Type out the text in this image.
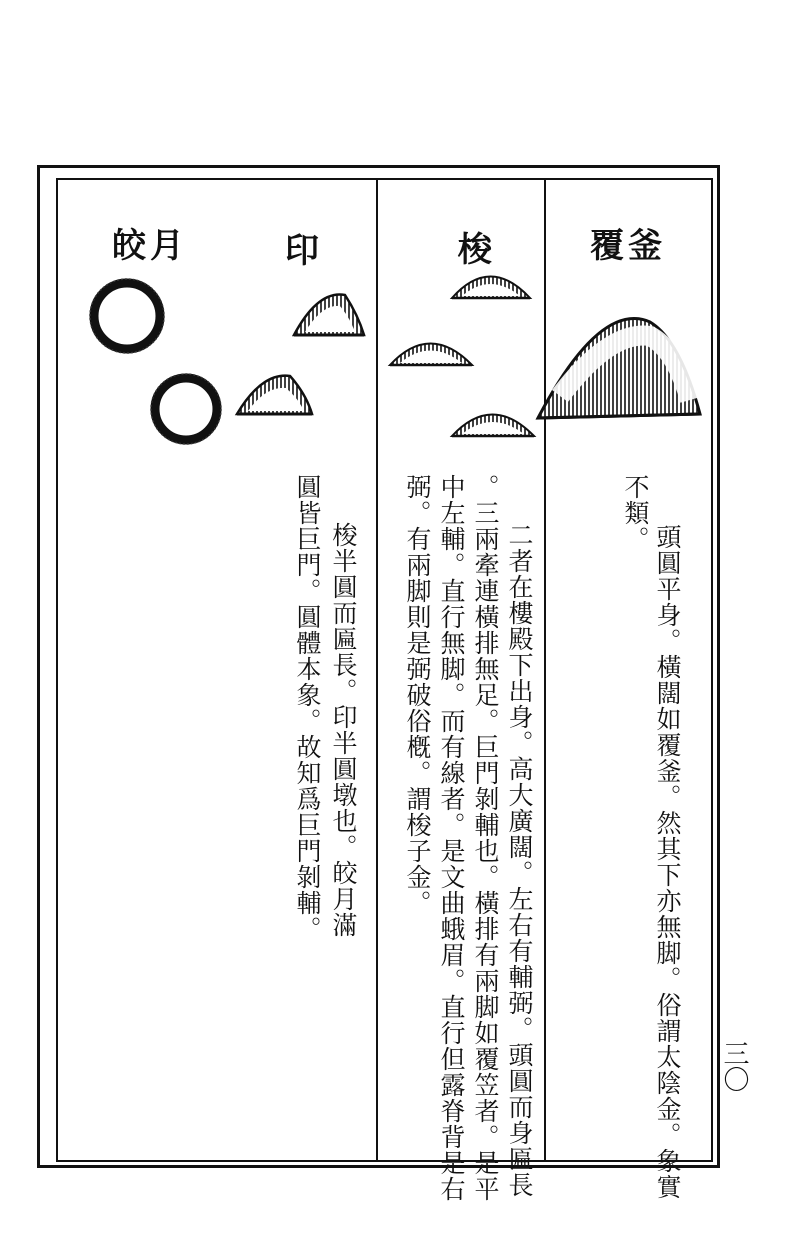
覆釜
梭
印
皎月
頭圓平身。橫闊如覆釜。然其下亦無脚。俗謂太陰金。象實
不類。
二者在樓殿下出身。高大廣闊。左右有輔弼。頭圓而身匾長
。三兩牽連橫排無足。巨門剝輔也。橫排有兩脚如覆笠者。是平
中左輔。直行無脚。而有線者。是文曲蛾眉。直行但露脊背是右
弼。有兩脚則是弼破俗槪。謂梭子金。
梭半圓而匾長。印半圓墩也。皎月滿
圓皆巨門。圓體本象。故知爲巨門剝輔。
三〇
